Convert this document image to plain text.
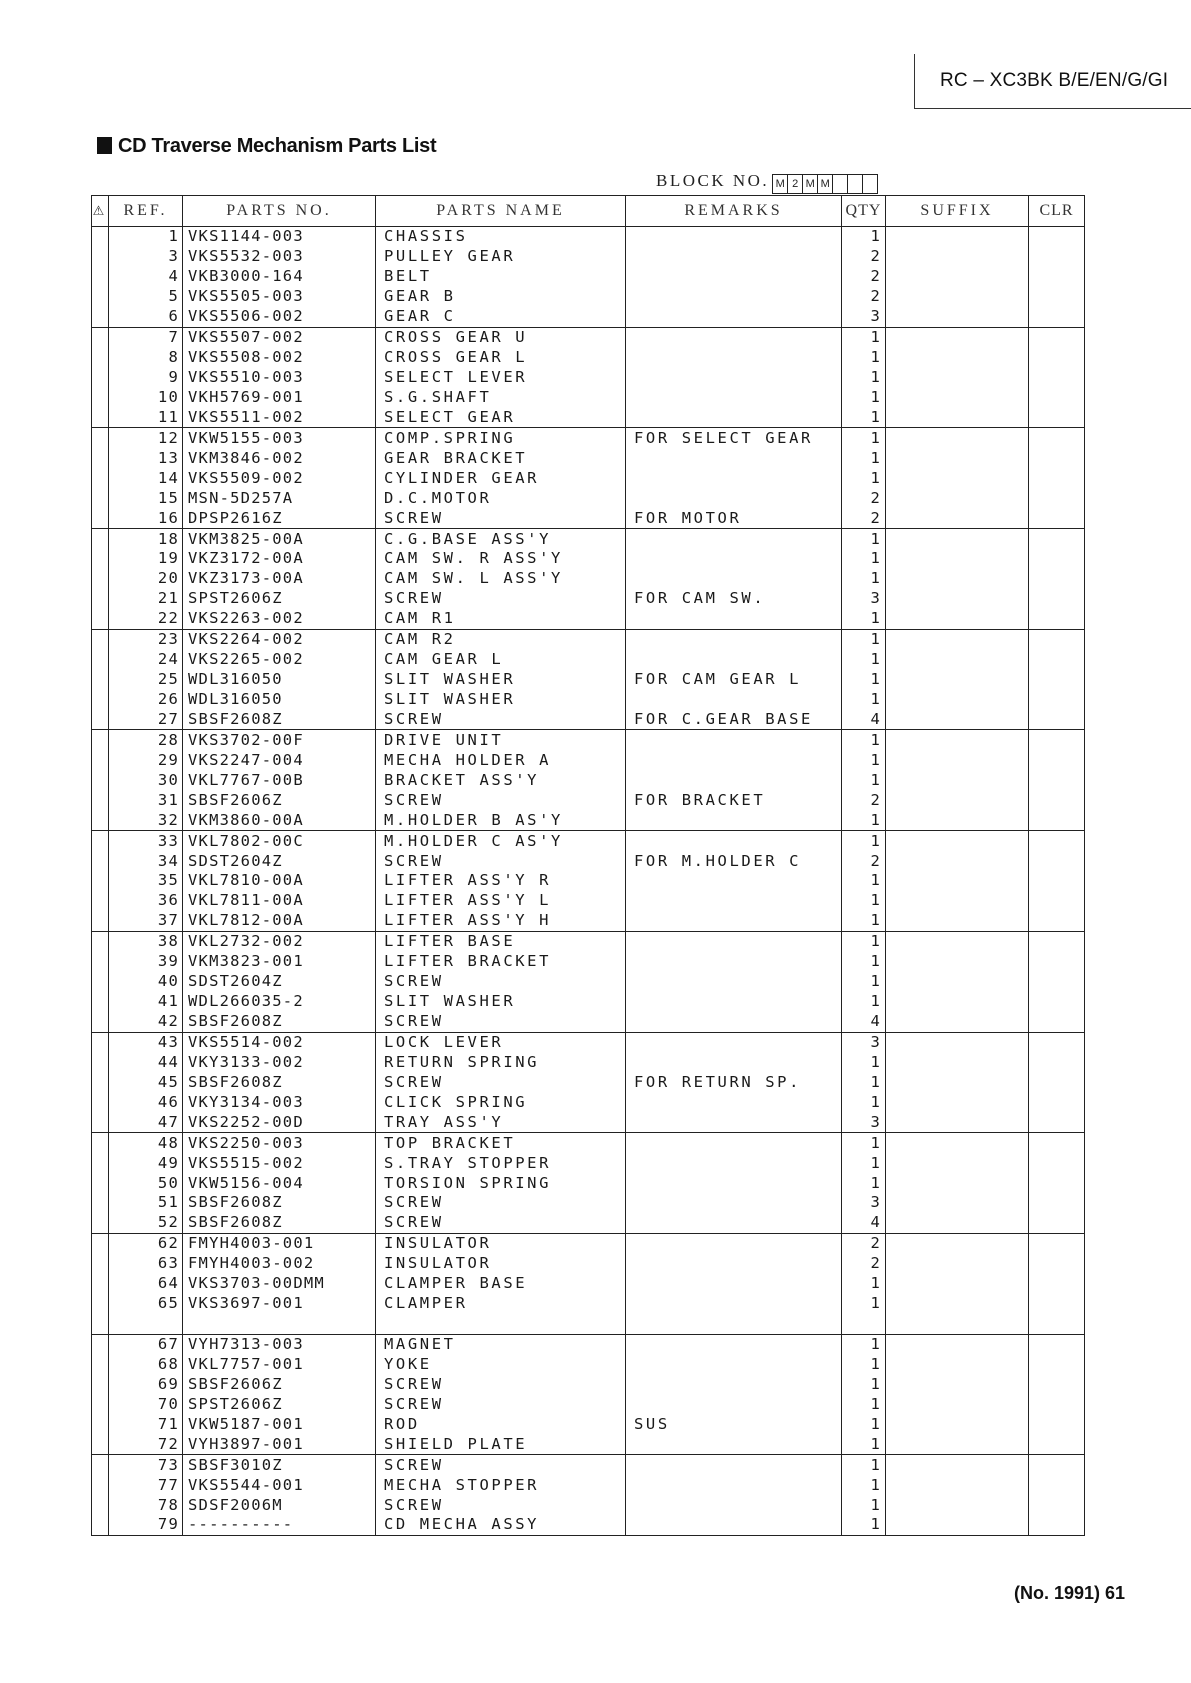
RC – XC3BK B/E/EN/G/GI
CD Traverse Mechanism Parts List
BLOCK NO. M 2 M M
⚠	REF.	PARTS NO.	PARTS NAME	REMARKS	QTY	SUFFIX	CLR
	1	VKS1144-003	CHASSIS		1		
	3	VKS5532-003	PULLEY GEAR		2		
	4	VKB3000-164	BELT		2		
	5	VKS5505-003	GEAR B		2		
	6	VKS5506-002	GEAR C		3		
	7	VKS5507-002	CROSS GEAR U		1		
	8	VKS5508-002	CROSS GEAR L		1		
	9	VKS5510-003	SELECT LEVER		1		
	10	VKH5769-001	S.G.SHAFT		1		
	11	VKS5511-002	SELECT GEAR		1		
	12	VKW5155-003	COMP.SPRING	FOR SELECT GEAR	1		
	13	VKM3846-002	GEAR BRACKET		1		
	14	VKS5509-002	CYLINDER GEAR		1		
	15	MSN-5D257A	D.C.MOTOR		2		
	16	DPSP2616Z	SCREW	FOR MOTOR	2		
	18	VKM3825-00A	C.G.BASE ASS'Y		1		
	19	VKZ3172-00A	CAM SW. R ASS'Y		1		
	20	VKZ3173-00A	CAM SW. L ASS'Y		1		
	21	SPST2606Z	SCREW	FOR CAM SW.	3		
	22	VKS2263-002	CAM R1		1		
	23	VKS2264-002	CAM R2		1		
	24	VKS2265-002	CAM GEAR L		1		
	25	WDL316050	SLIT WASHER	FOR CAM GEAR L	1		
	26	WDL316050	SLIT WASHER		1		
	27	SBSF2608Z	SCREW	FOR C.GEAR BASE	4		
	28	VKS3702-00F	DRIVE UNIT		1		
	29	VKS2247-004	MECHA HOLDER A		1		
	30	VKL7767-00B	BRACKET ASS'Y		1		
	31	SBSF2606Z	SCREW	FOR BRACKET	2		
	32	VKM3860-00A	M.HOLDER B AS'Y		1		
	33	VKL7802-00C	M.HOLDER C AS'Y		1		
	34	SDST2604Z	SCREW	FOR M.HOLDER C	2		
	35	VKL7810-00A	LIFTER ASS'Y R		1		
	36	VKL7811-00A	LIFTER ASS'Y L		1		
	37	VKL7812-00A	LIFTER ASS'Y H		1		
	38	VKL2732-002	LIFTER BASE		1		
	39	VKM3823-001	LIFTER BRACKET		1		
	40	SDST2604Z	SCREW		1		
	41	WDL266035-2	SLIT WASHER		1		
	42	SBSF2608Z	SCREW		4		
	43	VKS5514-002	LOCK LEVER		3		
	44	VKY3133-002	RETURN SPRING		1		
	45	SBSF2608Z	SCREW	FOR RETURN SP.	1		
	46	VKY3134-003	CLICK SPRING		1		
	47	VKS2252-00D	TRAY ASS'Y		3		
	48	VKS2250-003	TOP BRACKET		1		
	49	VKS5515-002	S.TRAY STOPPER		1		
	50	VKW5156-004	TORSION SPRING		1		
	51	SBSF2608Z	SCREW		3		
	52	SBSF2608Z	SCREW		4		
	62	FMYH4003-001	INSULATOR		2		
	63	FMYH4003-002	INSULATOR		2		
	64	VKS3703-00DMM	CLAMPER BASE		1		
	65	VKS3697-001	CLAMPER		1		

	67	VYH7313-003	MAGNET		1		
	68	VKL7757-001	YOKE		1		
	69	SBSF2606Z	SCREW		1		
	70	SPST2606Z	SCREW		1		
	71	VKW5187-001	ROD	SUS	1		
	72	VYH3897-001	SHIELD PLATE		1		
	73	SBSF3010Z	SCREW		1		
	77	VKS5544-001	MECHA STOPPER		1		
	78	SDSF2006M	SCREW		1		
	79	----------	CD MECHA ASSY		1		
(No. 1991) 61
